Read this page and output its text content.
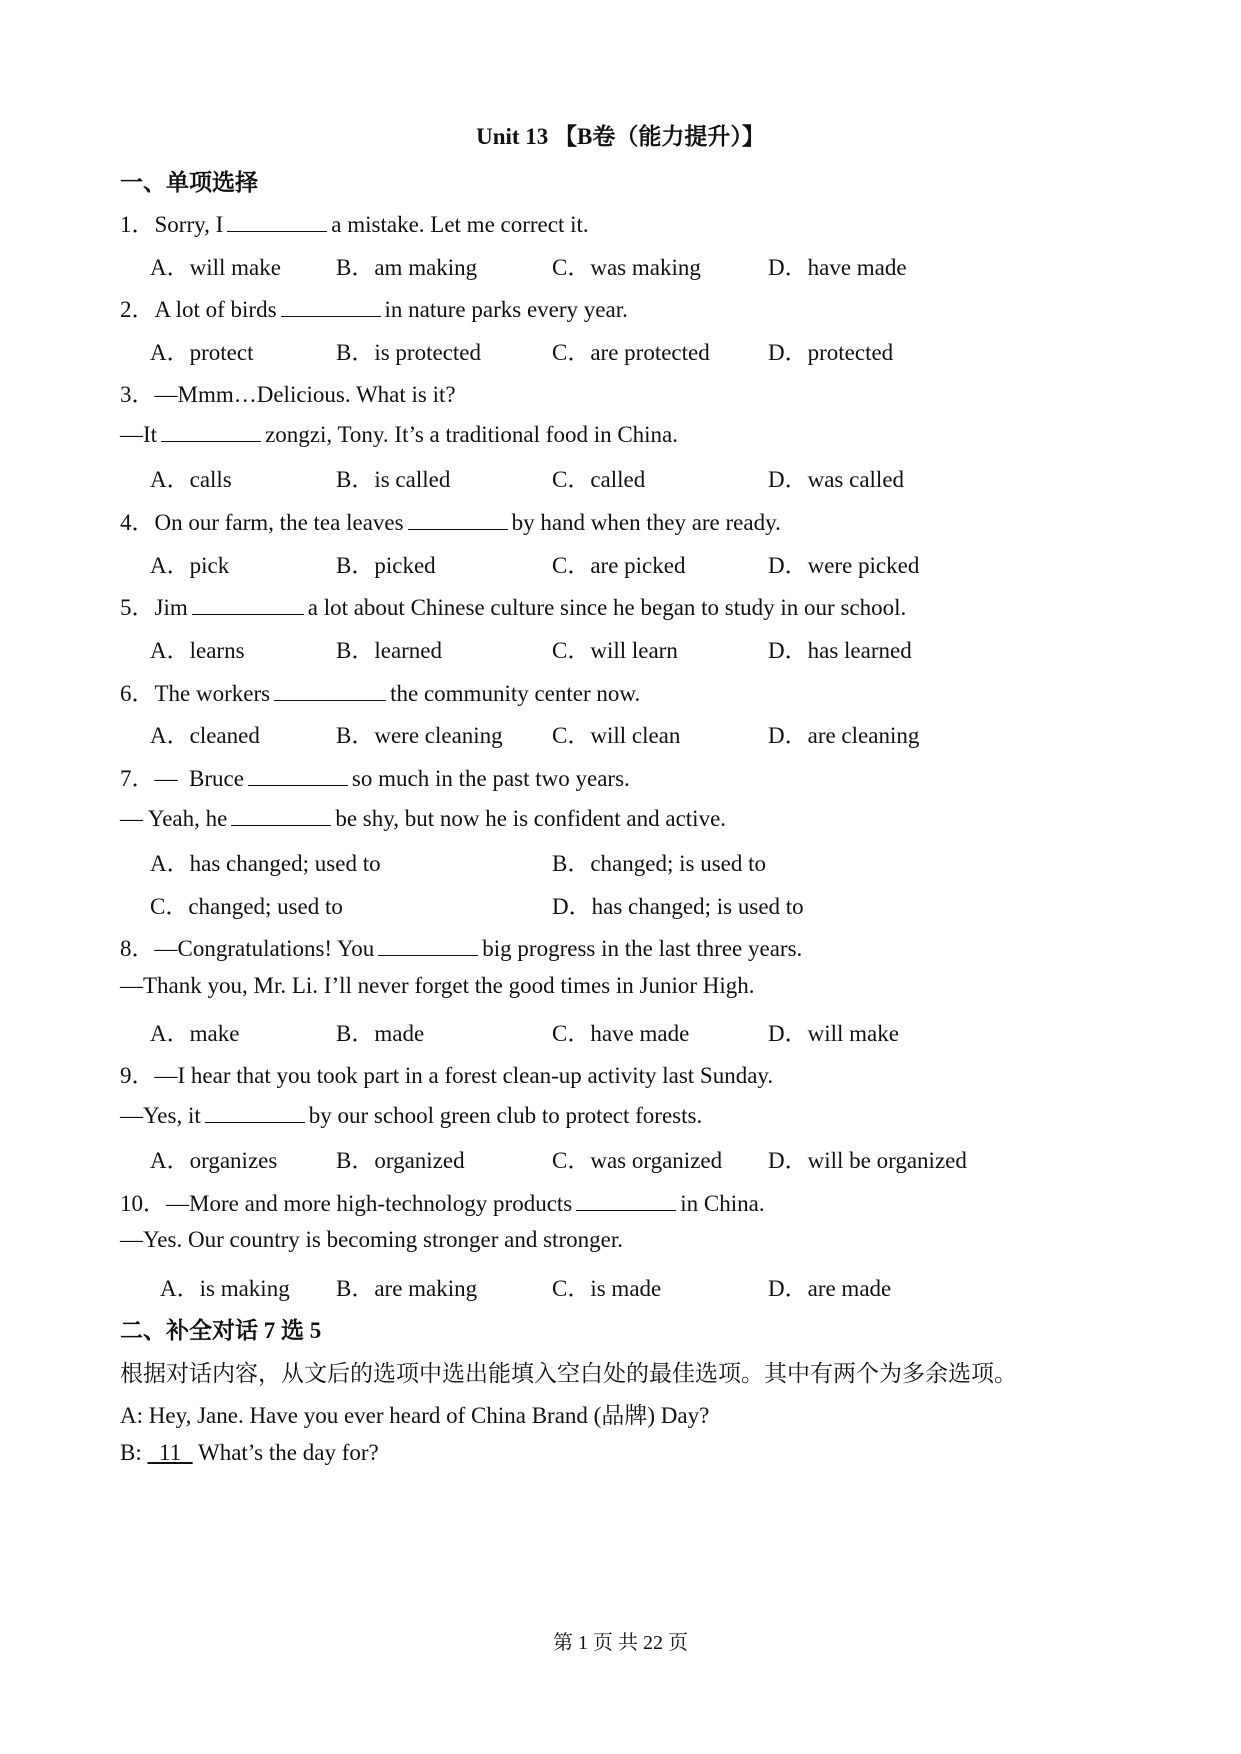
Unit 13 【B卷（能力提升）】
一、单项选择
1．Sorry, I	a mistake. Let me correct it.
A．will make B．am making	C．was making	D．have made
2．A lot of birds	in nature parks every year.
A．protect	B．is protected	C．are protected	D．protected
3．—Mmm…Delicious. What is it?
—It	zongzi, Tony. It’s a traditional food in China.
A．calls	B．is called	C．called	D．was called
4．On our farm, the tea leaves	by hand when they are ready.
A．pick	B．picked	C．are picked	D．were picked
5．Jim	a lot about Chinese culture since he began to study in our school.
A．learns	B．learned	C．will learn	D．has learned
6．The workers	the community center now.
A．cleaned	B．were cleaning C．will clean	D．are cleaning
7．—  Bruce	so much in the past two years.
— Yeah, he	be shy, but now he is confident and active.
A．has changed; used to	B．changed; is used to
C．changed; used to	D．has changed; is used to
8．—Congratulations! You	big progress in the last three years.
—Thank you, Mr. Li. I’ll never forget the good times in Junior High.
A．make	B．made	C．have made	D．will make
9．—I hear that you took part in a forest clean-up activity last Sunday.
—Yes, it	by our school green club to protect forests.
A．organizes	B．organized	C．was organized D．will be organized
10．—More and more high-technology products	in China.
—Yes. Our country is becoming stronger and stronger.
A．is making B．are making	C．is made	D．are made
二、补全对话 7 选 5
根据对话内容，从文后的选项中选出能填入空白处的最佳选项。其中有两个为多余选项。
A: Hey, Jane. Have you ever heard of China Brand (品牌) Day?
B:   11   What’s the day for?
第 1 页 共 22 页
